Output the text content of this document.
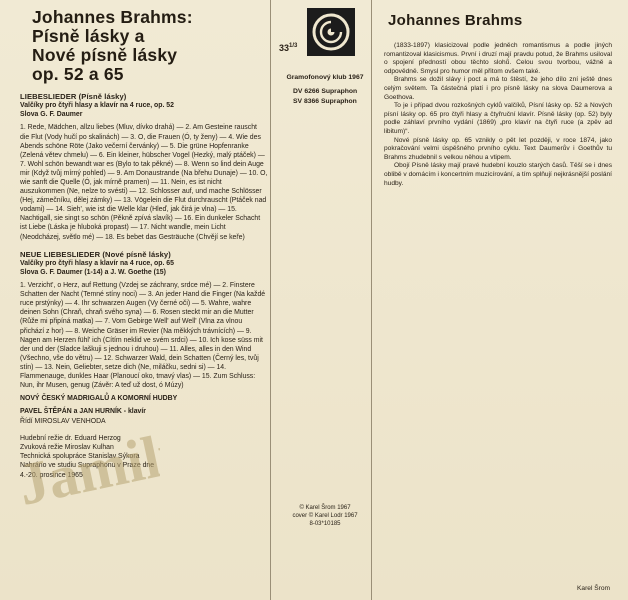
Johannes Brahms:
Písně lásky a
Nové písně lásky
op. 52 a 65
LIEBESLIEDER (Písně lásky)

Valčíky pro čtyři hlasy a klavír na 4 ruce, op. 52

Slova G. F. Daumer

1. Rede, Mädchen, allzu liebes (Mluv, dívko drahá) — 2. Am Gesteine rauscht die Flut (Vody hučí po skalinách) — 3. O, die Frauen (Ó, ty ženy) — 4. Wie des Abends schöne Röte (Jako večerní červánky) — 5. Die grüne Hopfenranke (Zelená větev chmelu) — 6. Ein kleiner, hübscher Vogel (Hezký, malý ptáček) — 7. Wohl schön bewandt war es (Bylo to tak pěkné) — 8. Wenn so lind dein Auge mir (Když tvůj mírný pohled) — 9. Am Donaustrande (Na břehu Dunaje) — 10. O, wie sanft die Quelle (Ó, jak mírně pramen) — 11. Nein, es ist nicht auszukommen (Ne, nelze to svésti) — 12. Schlosser auf, und mache Schlösser (Hej, zámečníku, dělej zámky) — 13. Vögelein die Flut durchrauscht (Ptáček nad vodami) — 14. Sieh', wie ist die Welle klar (Hleď, jak čirá je vlna) — 15. Nachtigall, sie singt so schön (Pěkně zpívá slavík) — 16. Ein dunkeler Schacht ist Liebe (Láska je hluboká propast) — 17. Nicht wandle, mein Licht (Neodcházej, světlo mé) — 18. Es bebet das Gesträuche (Chvějí se keře)

NEUE LIEBESLIEDER (Nové písně lásky)

Valčíky pro čtyři hlasy a klavír na 4 ruce, op. 65

Slova G. F. Daumer (1-14) a J. W. Goethe (15)

1. Verzicht', o Herz, auf Rettung (Vzdej se záchrany, srdce mé) — 2. Finstere Schatten der Nacht (Temné stíny noci) — 3. An jeder Hand die Finger (Na každé ruce prstýnky) — 4. Ihr schwarzen Augen (Vy černé oči) — 5. Wahre, wahre deinen Sohn (Chraň, chraň svého syna) — 6. Rosen steckt mir an die Mutter (Růže mi připíná matka) — 7. Vom Gebirge Well' auf Well' (Vlna za vlnou přichází z hor) — 8. Weiche Gräser im Revier (Na měkkých trávnících) — 9. Nagen am Herzen fühl' ich (Cítím neklid ve svém srdci) — 10. Ich kose süss mit der und der (Sladce laškuji s jednou i druhou) — 11. Alles, alles in den Wind (Všechno, vše do větru) — 12. Schwarzer Wald, dein Schatten (Černý les, tvůj stín) — 13. Nein, Geliebter, setze dich (Ne, miláčku, sedni si) — 14. Flammenauge, dunkles Haar (Planoucí oko, tmavý vlas) — 15. Zum Schluss: Nun, ihr Musen, genug (Závěr: A teď už dost, ó Múzy)

NOVÝ ČESKÝ MADRIGALŮ A KOMORNÍ HUDBY

PAVEL ŠTĚPÁN a JAN HURNÍK - klavír

Řídí MIROSLAV VENHODA

Hudební režie dr. Eduard Herzog

Zvuková režie Miroslav Kulhan

Technická spolupráce Stanislav Sýkora

Nahráno ve studiu Supraphonu v Praze dne

4.-20. prosince 1965

$33^{1/3}$
Gramofonový klub 1967
DV 6266 Supraphon
SV 8366 Supraphon
© Karel Šrom 1967
cover © Karel Lodr 1967
8-03*10185
Johannes Brahms

(1833-1897) klasicizoval podle jedněch romantismus a podle jiných romantizoval klasicismus. První i druzí mají pravdu potud, že Brahms usiloval o spojení předností obou těchto slohů. Celou svou tvorbou, vážně a odpovědně. Smysl pro humor měl přitom ovšem také.

Brahms se dožil slávy i poct a má to štěstí, že jeho dílo zní ještě dnes celým světem. Ta částečná platí i pro písně lásky na slova Daumerova a Goethova.

To je i případ dvou rozkošných cyklů valčíků, Písní lásky op. 52 a Nových písní lásky op. 65 pro čtyři hlasy a čtyřruční klavír. Písně lásky (op. 52) byly podle záhlaví prvního vydání (1869) „pro klavír na čtyři ruce (a zpěv ad libitum)“.

Nové písně lásky op. 65 vznikly o pět let později, v roce 1874, jako pokračování velmi úspěšného prvního cyklu. Text Daumerův i Goethův tu Brahms zhudebnil s velkou něhou a vtipem.

Obojí Písně lásky mají pravé hudební kouzlo starých časů. Těší se i dnes oblibě v domácím i koncertním muzicírování, a tím splňují nejkrásnější poslání hudby.

Karel Šrom
Jamily
